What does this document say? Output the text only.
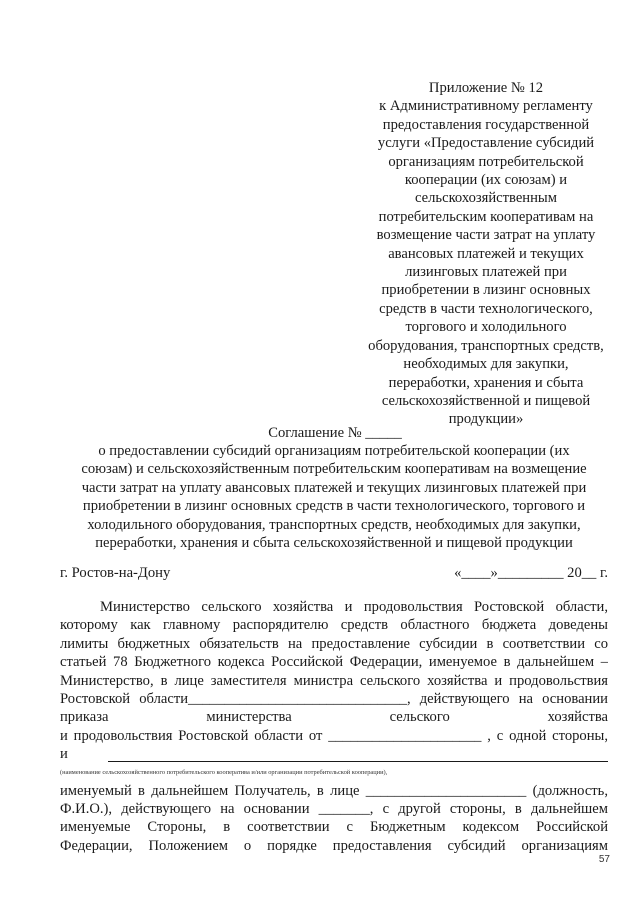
Приложение № 12
к Административному регламенту
предоставления государственной
услуги «Предоставление субсидий
организациям потребительской
кооперации (их союзам) и
сельскохозяйственным
потребительским кооперативам на
возмещение части затрат на уплату
авансовых платежей и текущих
лизинговых платежей при
приобретении в лизинг основных
средств в части технологического,
торгового и холодильного
оборудования, транспортных средств,
необходимых для закупки,
переработки, хранения и сбыта
сельскохозяйственной и пищевой
продукции»
Соглашение № _____
о предоставлении субсидий организациям потребительской кооперации (их
союзам) и сельскохозяйственным потребительским кооперативам на возмещение
части затрат на уплату авансовых платежей и текущих лизинговых платежей при
приобретении в лизинг основных средств в части технологического, торгового и
холодильного оборудования, транспортных средств, необходимых для закупки,
переработки, хранения и сбыта сельскохозяйственной и пищевой продукции
г. Ростов-на-Дону	«____»_________ 20__ г.
Министерство сельского хозяйства и продовольствия Ростовской области,
которому как главному распорядителю средств областного бюджета доведены
лимиты бюджетных обязательств на предоставление субсидии в соответствии со
статьей 78 Бюджетного кодекса Российской Федерации, именуемое в дальнейшем –
Министерство, в лице заместителя министра сельского хозяйства и продовольствия
Ростовской области______________________________, действующего на основании
приказа министерства сельского хозяйства
и продовольствия Ростовской области от _____________________ , с одной стороны,
и
(наименование сельскохозяйственного потребительского кооператива и/или организации потребительской кооперации),
именуемый в дальнейшем Получатель, в лице ______________________ (должность,
Ф.И.О.), действующего на основании _______, с другой стороны, в дальнейшем
именуемые Стороны, в соответствии с Бюджетным кодексом Российской
Федерации, Положением о порядке предоставления субсидий организациям
57
